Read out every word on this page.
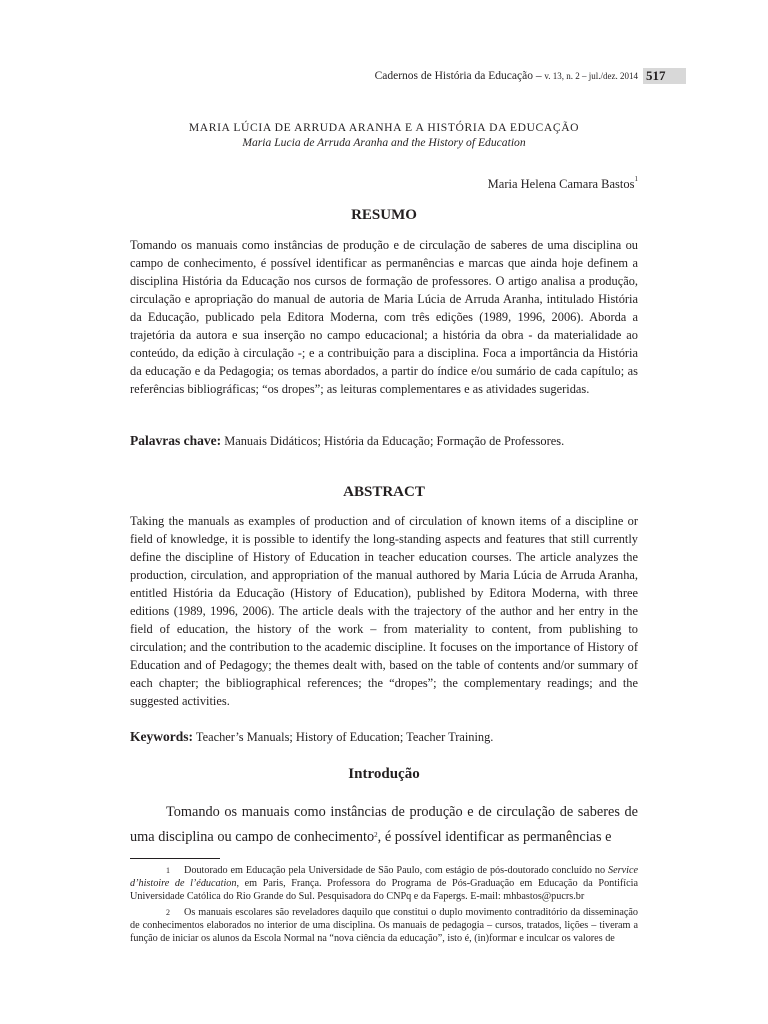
Cadernos de História da Educação – v. 13, n. 2 – jul./dez. 2014 517
MARIA LÚCIA DE ARRUDA ARANHA E A HISTÓRIA DA EDUCAÇÃO
Maria Lucia de Arruda Aranha and the History of Education
Maria Helena Camara Bastos$^1$
RESUMO
Tomando os manuais como instâncias de produção e de circulação de saberes de uma disciplina ou campo de conhecimento, é possível identificar as permanências e marcas que ainda hoje definem a disciplina História da Educação nos cursos de formação de professores. O artigo analisa a produção, circulação e apropriação do manual de autoria de Maria Lúcia de Arruda Aranha, intitulado História da Educação, publicado pela Editora Moderna, com três edições (1989, 1996, 2006). Aborda a trajetória da autora e sua inserção no campo educacional; a história da obra - da materialidade ao conteúdo, da edição à circulação -; e a contribuição para a disciplina. Foca a importância da História da educação e da Pedagogia; os temas abordados, a partir do índice e/ou sumário de cada capítulo; as referências bibliográficas; “os dropes”; as leituras complementares e as atividades sugeridas.
Palavras chave: Manuais Didáticos; História da Educação; Formação de Professores.
ABSTRACT
Taking the manuals as examples of production and of circulation of known items of a discipline or field of knowledge, it is possible to identify the long-standing aspects and features that still currently define the discipline of History of Education in teacher education courses. The article analyzes the production, circulation, and appropriation of the manual authored by Maria Lúcia de Arruda Aranha, entitled História da Educação (History of Education), published by Editora Moderna, with three editions (1989, 1996, 2006). The article deals with the trajectory of the author and her entry in the field of education, the history of the work – from materiality to content, from publishing to circulation; and the contribution to the academic discipline. It focuses on the importance of History of Education and of Pedagogy; the themes dealt with, based on the table of contents and/or summary of each chapter; the bibliographical references; the “dropes”; the complementary readings; and the suggested activities.
Keywords: Teacher’s Manuals; History of Education; Teacher Training.
Introdução
Tomando os manuais como instâncias de produção e de circulação de saberes de uma disciplina ou campo de conhecimento$^2$, é possível identificar as permanências e
1 Doutorado em Educação pela Universidade de São Paulo, com estágio de pós-doutorado concluído no Service d’histoire de l’éducation, em Paris, França. Professora do Programa de Pós-Graduação em Educação da Pontifícia Universidade Católica do Rio Grande do Sul. Pesquisadora do CNPq e da Fapergs. E-mail: mhbastos@pucrs.br
2 Os manuais escolares são reveladores daquilo que constitui o duplo movimento contraditório da disseminação de conhecimentos elaborados no interior de uma disciplina. Os manuais de pedagogia – cursos, tratados, lições – tiveram a função de iniciar os alunos da Escola Normal na “nova ciência da educação”, isto é, (in)formar e inculcar os valores de
